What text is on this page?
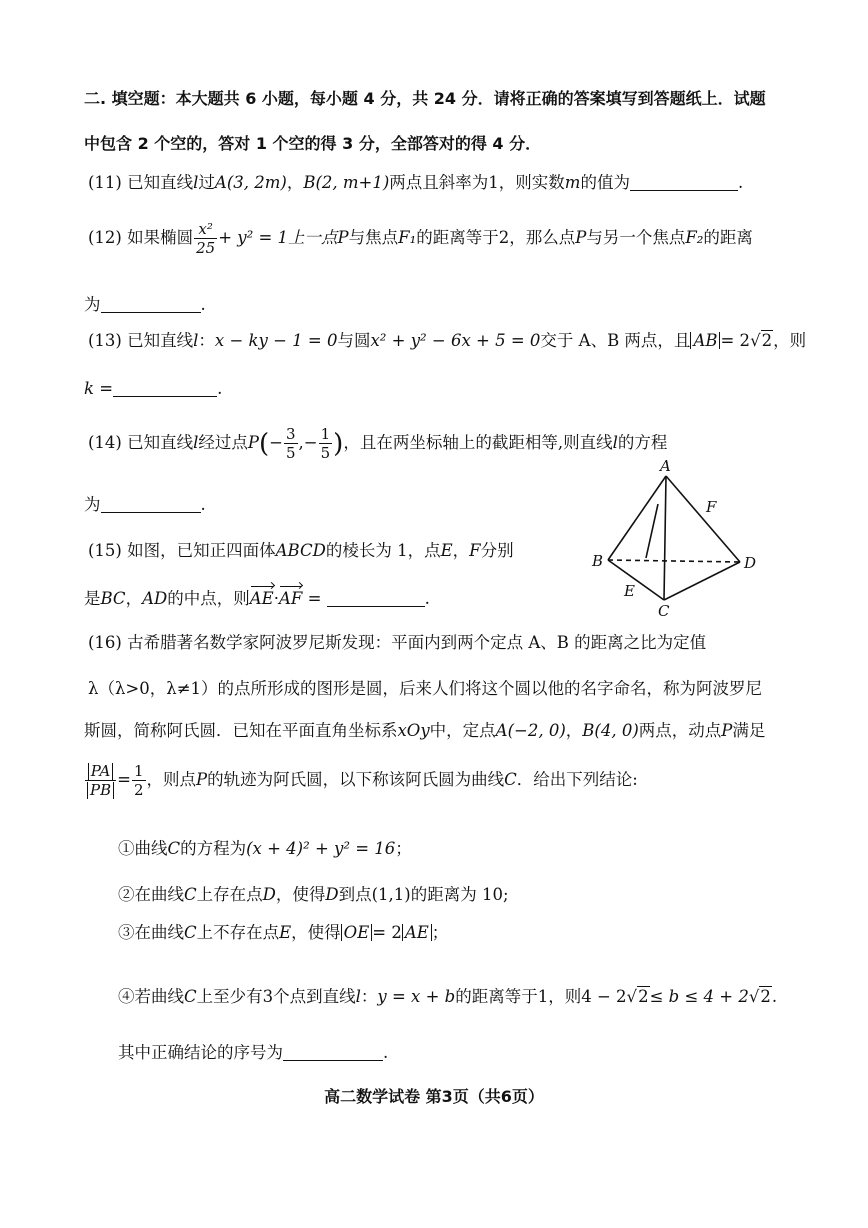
二. 填空题：本大题共 6 小题，每小题 4 分，共 24 分．请将正确的答案填写到答题纸上．试题
中包含 2 个空的，答对 1 个空的得 3 分，全部答对的得 4 分．
(11) 已知直线l过A(3, 2m)，B(2, m+1)两点且斜率为1，则实数m的值为	.
(12) 如果椭圆 $\frac{\text{x²}}{25} + y^2 = 1$上一点P与焦点F₁的距离等于2，那么点P与另一个焦点F₂的距离
为	.
(13) 已知直线l：x − ky − 1 = 0与圆x² + y² − 6x + 5 = 0交于 A、B 两点，且 AB = 2√2，则
k =	.
(14) 已知直线l经过点$P(- \frac{3}{5}$ ,− $\frac{1}{5}$ )，且在两坐标轴上的截距相等,则直线l的方程
为	.
(15) 如图，已知正四面体ABCD的棱长为 1，点E，F分别
是BC，AD的中点，则AE·AF =	.
A
B
C
D
E
F
(16) 古希腊著名数学家阿波罗尼斯发现：平面内到两个定点 A、B 的距离之比为定值
λ（λ>0，λ≠1）的点所形成的图形是圆，后来人们将这个圆以他的名字命名，称为阿波罗尼
斯圆，简称阿氏圆．已知在平面直角坐标系xOy中，定点A(−2, 0)，B(4, 0)两点，动点P满足
$\frac{PA}{PB} = \frac{1}{2}$ ，则点P的轨迹为阿氏圆，以下称该阿氏圆为曲线C．给出下列结论:
①曲线C的方程为(x + 4)² + y² = 16；
②在曲线C上存在点D，使得D到点(1,1)的距离为 10;
③在曲线C上不存在点E，使得 OE = 2 AE ；
④若曲线C上至少有3个点到直线l：y = x + b的距离等于1，则4 − 2√2≤ b ≤ 4 + 2√2.
其中正确结论的序号为	.
高二数学试卷 第3页（共6页）
